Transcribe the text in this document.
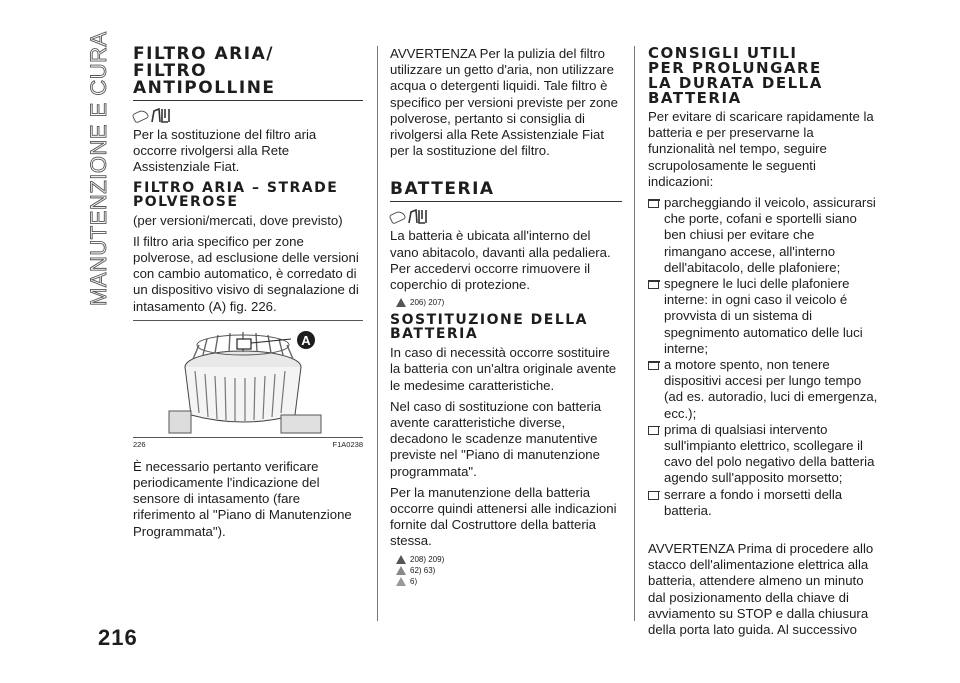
MANUTENZIONE E CURA
216
FILTRO ARIA/
FILTRO
ANTIPOLLINE

Per la sostituzione del filtro aria occorre rivolgersi alla Rete Assistenziale Fiat.

FILTRO ARIA – STRADE
POLVEROSE

(per versioni/mercati, dove previsto)

Il filtro aria specifico per zone polverose, ad esclusione delle versioni con cambio automatico, è corredato di un dispositivo visivo di segnalazione di intasamento (A) fig. 226.

A
226	F1A0238

È necessario pertanto verificare periodicamente l'indicazione del sensore di intasamento (fare riferimento al "Piano di Manutenzione Programmata").

AVVERTENZA Per la pulizia del filtro utilizzare un getto d'aria, non utilizzare acqua o detergenti liquidi. Tale filtro è specifico per versioni previste per zone polverose, pertanto si consiglia di rivolgersi alla Rete Assistenziale Fiat per la sostituzione del filtro.

BATTERIA

La batteria è ubicata all'interno del vano abitacolo, davanti alla pedaliera. Per accedervi occorre rimuovere il coperchio di protezione.

206) 207)
SOSTITUZIONE DELLA
BATTERIA

In caso di necessità occorre sostituire la batteria con un'altra originale avente le medesime caratteristiche.

Nel caso di sostituzione con batteria avente caratteristiche diverse, decadono le scadenze manutentive previste nel "Piano di manutenzione programmata".

Per la manutenzione della batteria occorre quindi attenersi alle indicazioni fornite dal Costruttore della batteria stessa.

208) 209)
62) 63)
6)
CONSIGLI UTILI
PER PROLUNGARE
LA DURATA DELLA
BATTERIA

Per evitare di scaricare rapidamente la batteria e per preservarne la funzionalità nel tempo, seguire scrupolosamente le seguenti indicazioni:

parcheggiando il veicolo, assicurarsi che porte, cofani e sportelli siano ben chiusi per evitare che rimangano accese, all'interno dell'abitacolo, delle plafoniere;
spegnere le luci delle plafoniere interne: in ogni caso il veicolo é provvista di un sistema di spegnimento automatico delle luci interne;
a motore spento, non tenere dispositivi accesi per lungo tempo (ad es. autoradio, luci di emergenza, ecc.);
prima di qualsiasi intervento sull'impianto elettrico, scollegare il cavo del polo negativo della batteria agendo sull'apposito morsetto;
serrare a fondo i morsetti della batteria.

AVVERTENZA Prima di procedere allo stacco dell'alimentazione elettrica alla batteria, attendere almeno un minuto dal posizionamento della chiave di avviamento su STOP e dalla chiusura della porta lato guida. Al successivo
